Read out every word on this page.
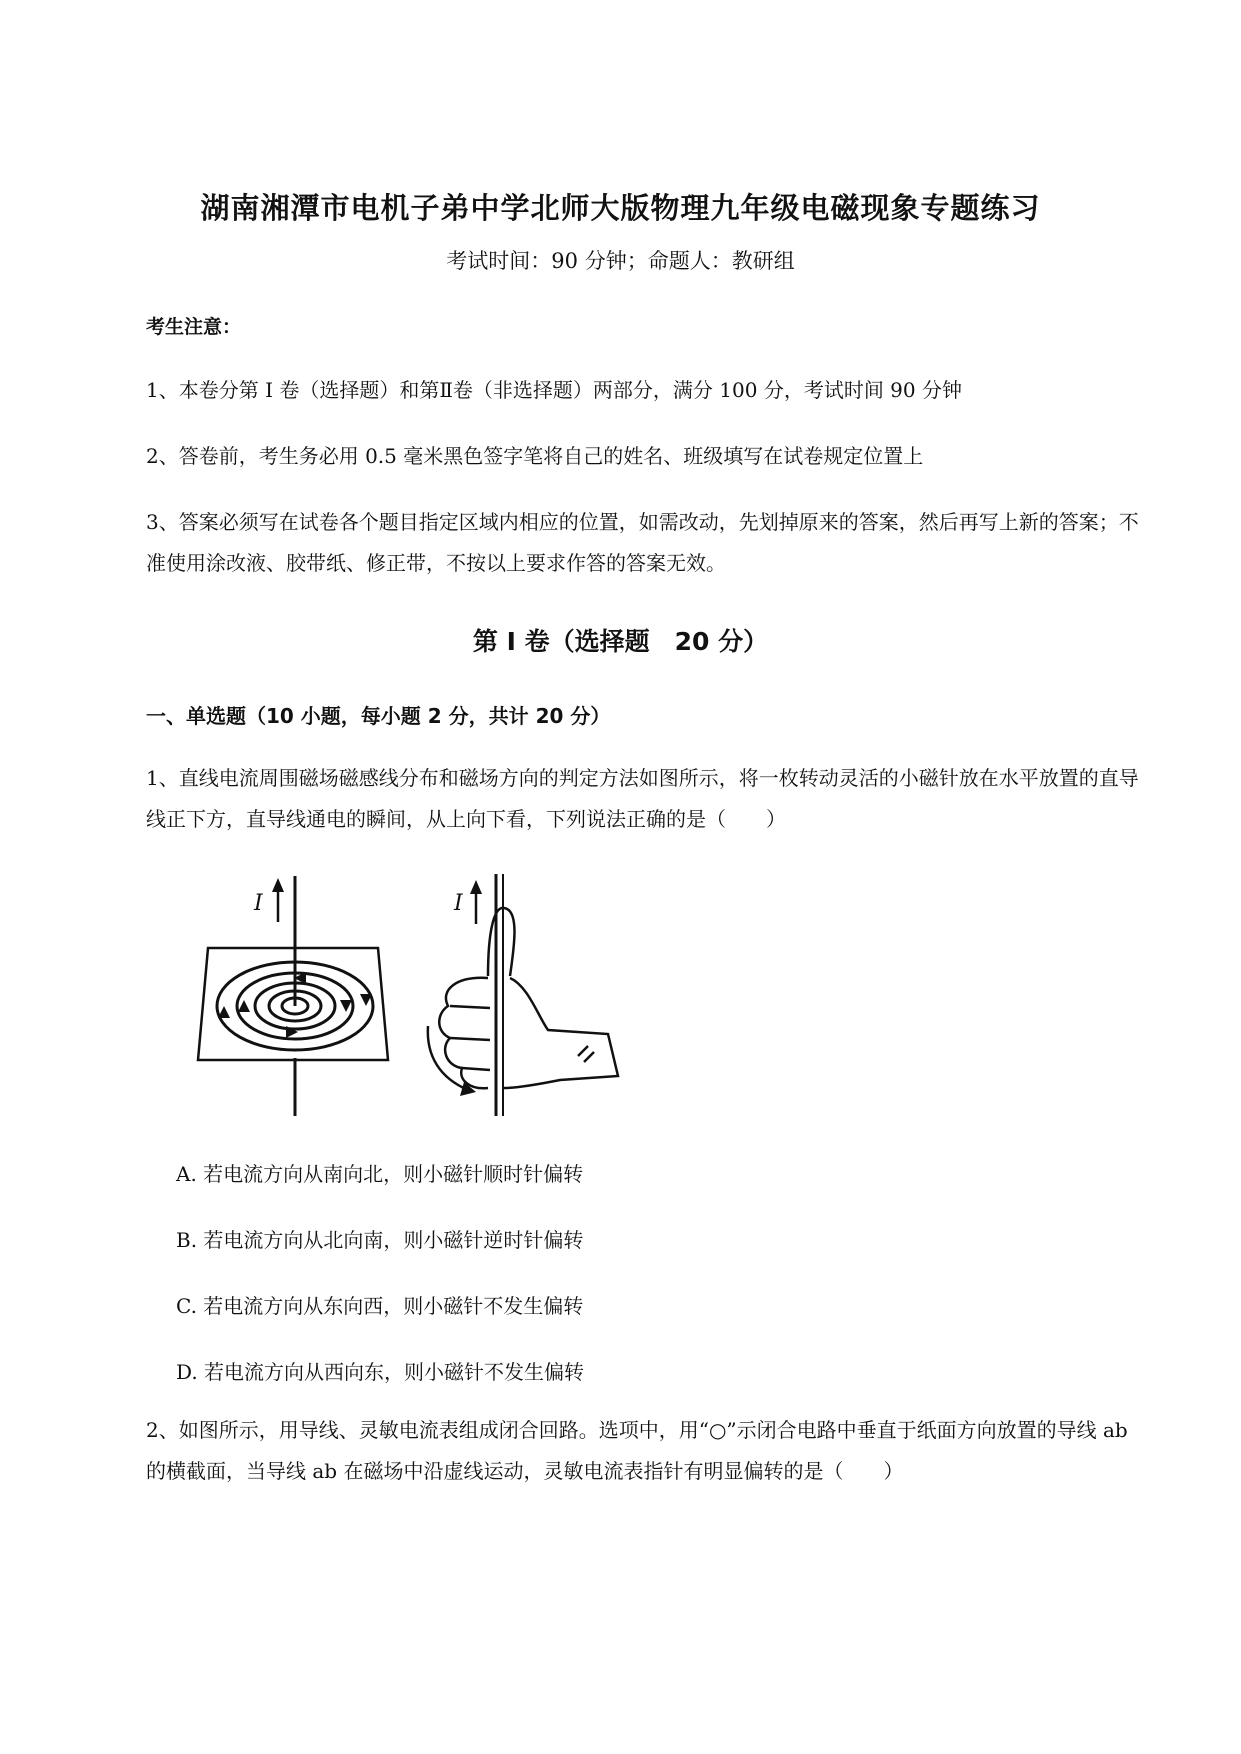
湖南湘潭市电机子弟中学北师大版物理九年级电磁现象专题练习
考试时间：90 分钟；命题人：教研组
考生注意：
1、本卷分第 I 卷（选择题）和第Ⅱ卷（非选择题）两部分，满分 100 分，考试时间 90 分钟
2、答卷前，考生务必用 0.5 毫米黑色签字笔将自己的姓名、班级填写在试卷规定位置上
3、答案必须写在试卷各个题目指定区域内相应的位置，如需改动，先划掉原来的答案，然后再写上新的答案；不准使用涂改液、胶带纸、修正带，不按以上要求作答的答案无效。
第 I 卷（选择题　20 分）
一、单选题（10 小题，每小题 2 分，共计 20 分）
1、直线电流周围磁场磁感线分布和磁场方向的判定方法如图所示，将一枚转动灵活的小磁针放在水平放置的直导线正下方，直导线通电的瞬间，从上向下看，下列说法正确的是（　　）
I	I
A. 若电流方向从南向北，则小磁针顺时针偏转
B. 若电流方向从北向南，则小磁针逆时针偏转
C. 若电流方向从东向西，则小磁针不发生偏转
D. 若电流方向从西向东，则小磁针不发生偏转
2、如图所示，用导线、灵敏电流表组成闭合回路。选项中，用“○”示闭合电路中垂直于纸面方向放置的导线 ab 的横截面，当导线 ab 在磁场中沿虚线运动，灵敏电流表指针有明显偏转的是（　　）
